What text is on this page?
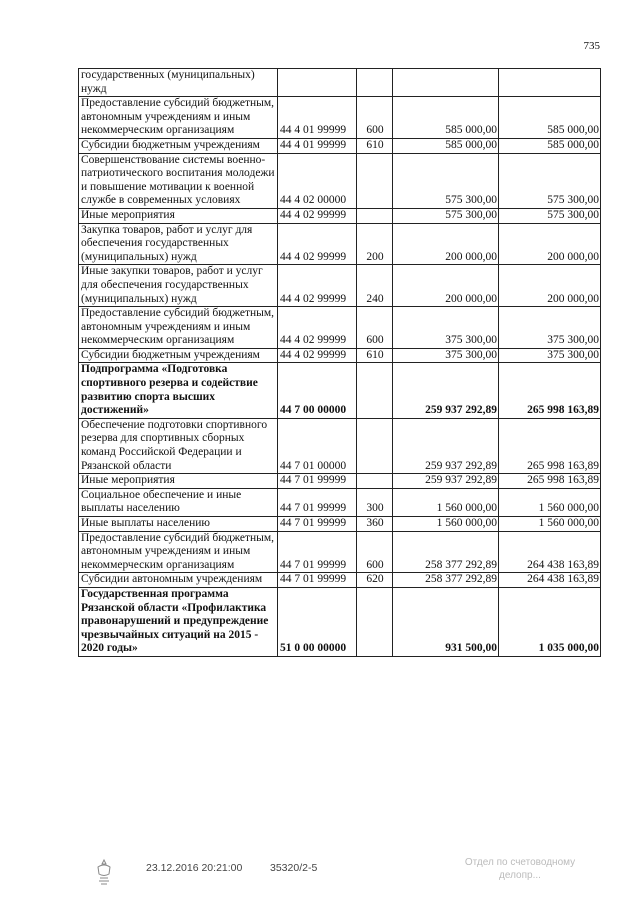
735
государственных (муниципальных) нужд				
Предоставление субсидий бюджетным, автономным учреждениям и иным некоммерческим организациям	44 4 01 99999	600	585 000,00	585 000,00
Субсидии бюджетным учреждениям	44 4 01 99999	610	585 000,00	585 000,00
Совершенствование системы военно-патриотического воспитания молодежи и повышение мотивации к военной службе в современных условиях	44 4 02 00000		575 300,00	575 300,00
Иные мероприятия	44 4 02 99999		575 300,00	575 300,00
Закупка товаров, работ и услуг для обеспечения государственных (муниципальных) нужд	44 4 02 99999	200	200 000,00	200 000,00
Иные закупки товаров, работ и услуг для обеспечения государственных (муниципальных) нужд	44 4 02 99999	240	200 000,00	200 000,00
Предоставление субсидий бюджетным, автономным учреждениям и иным некоммерческим организациям	44 4 02 99999	600	375 300,00	375 300,00
Субсидии бюджетным учреждениям	44 4 02 99999	610	375 300,00	375 300,00
Подпрограмма «Подготовка спортивного резерва и содействие развитию спорта высших достижений»	44 7 00 00000		259 937 292,89	265 998 163,89
Обеспечение подготовки спортивного резерва для спортивных сборных команд Российской Федерации и Рязанской области	44 7 01 00000		259 937 292,89	265 998 163,89
Иные мероприятия	44 7 01 99999		259 937 292,89	265 998 163,89
Социальное обеспечение и иные выплаты населению	44 7 01 99999	300	1 560 000,00	1 560 000,00
Иные выплаты населению	44 7 01 99999	360	1 560 000,00	1 560 000,00
Предоставление субсидий бюджетным, автономным учреждениям и иным некоммерческим организациям	44 7 01 99999	600	258 377 292,89	264 438 163,89
Субсидии автономным учреждениям	44 7 01 99999	620	258 377 292,89	264 438 163,89
Государственная программа Рязанской области «Профилактика правонарушений и предупреждение чрезвычайных ситуаций на 2015 - 2020 годы»	51 0 00 00000		931 500,00	1 035 000,00
23.12.2016 20:21:00	35320/2-5	Отдел по счетоводному
делопр...
